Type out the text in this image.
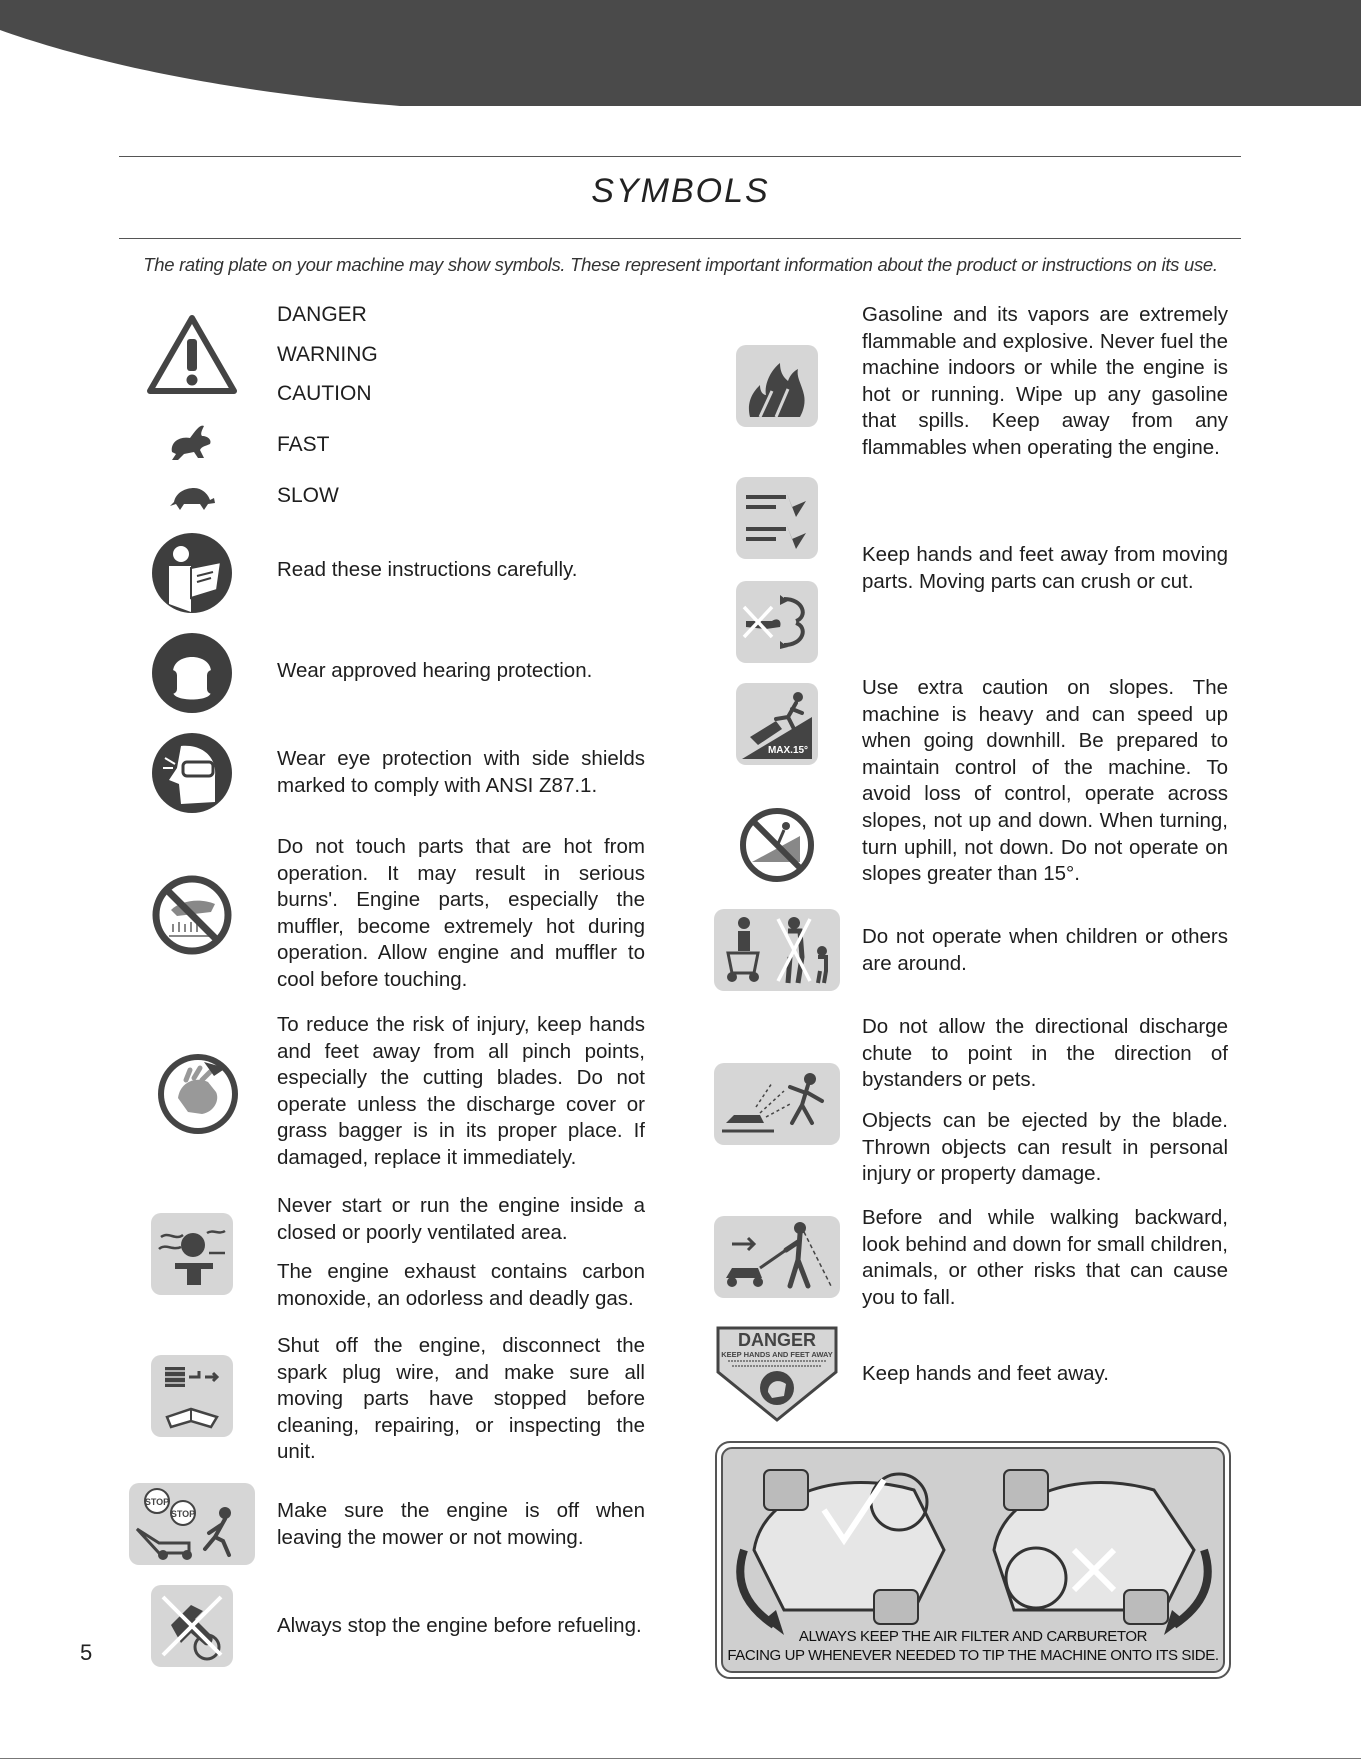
SYMBOLS
The rating plate on your machine may show symbols. These represent important information about the product or instructions on its use.
DANGER
WARNING
CAUTION
FAST
SLOW
Read these instructions carefully.
Wear approved hearing protection.
Wear eye protection with side shields marked to comply with ANSI Z87.1.
Do not touch parts that are hot from operation. It may result in serious burns'. Engine parts, especially the muffler, become extremely hot during operation. Allow engine and muffler to cool before touching.
To reduce the risk of injury, keep hands and feet away from all pinch points, especially the cutting blades. Do not operate unless the discharge cover or grass bagger is in its proper place. If damaged, replace it immediately.
Never start or run the engine inside a closed or poorly ventilated area.
The engine exhaust contains carbon monoxide, an odorless and deadly gas.
Shut off the engine, disconnect the spark plug wire, and make sure all moving parts have stopped before cleaning, repairing, or inspecting the unit.
STOP
STOP	Make sure the engine is off when leaving the mower or not mowing.
Always stop the engine before refueling.
Gasoline and its vapors are extremely flammable and explosive. Never fuel the machine indoors or while the engine is hot or running. Wipe up any gasoline that spills. Keep away from any flammables when operating the engine.
Keep hands and feet away from moving parts. Moving parts can crush or cut.
MAX.15°
Use extra caution on slopes. The machine is heavy and can speed up when going downhill. Be prepared to maintain control of the machine. To avoid loss of control, operate across slopes, not up and down. When turning, turn uphill, not down. Do not operate on slopes greater than 15°.
Do not operate when children or others are around.
Do not allow the directional discharge chute to point in the direction of bystanders or pets.
Objects can be ejected by the blade. Thrown objects can result in personal injury or property damage.
Before and while walking backward, look behind and down for small children, animals, or other risks that can cause you to fall.
DANGER
KEEP HANDS AND FEET AWAY
Keep hands and feet away.
ALWAYS KEEP THE AIR FILTER AND CARBURETOR
FACING UP WHENEVER NEEDED TO TIP THE MACHINE ONTO ITS SIDE.
5
